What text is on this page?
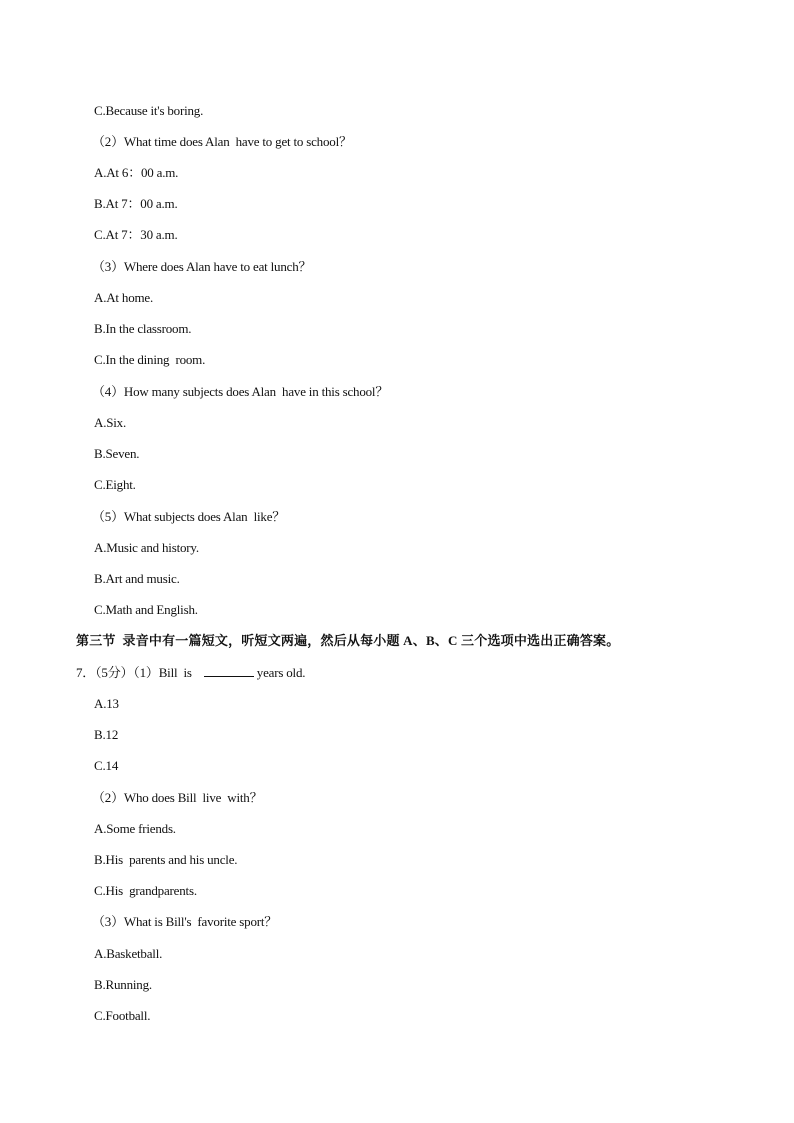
C.Because it's boring.
（2）What time does Alan  have to get to school？
A.At 6：00 a.m.
B.At 7：00 a.m.
C.At 7：30 a.m.
（3）Where does Alan have to eat lunch？
A.At home.
B.In the classroom.
C.In the dining  room.
（4）How many subjects does Alan  have in this school？
A.Six.
B.Seven.
C.Eight.
（5）What subjects does Alan  like？
A.Music and history.
B.Art and music.
C.Math and English.
第三节  录音中有一篇短文，听短文两遍，然后从每小题 A、B、C 三个选项中选出正确答案。
7．（5分）（1）Bill  is	years old.
A.13
B.12
C.14
（2）Who does Bill  live  with？
A.Some friends.
B.His  parents and his uncle.
C.His  grandparents.
（3）What is Bill's  favorite sport？
A.Basketball.
B.Running.
C.Football.
